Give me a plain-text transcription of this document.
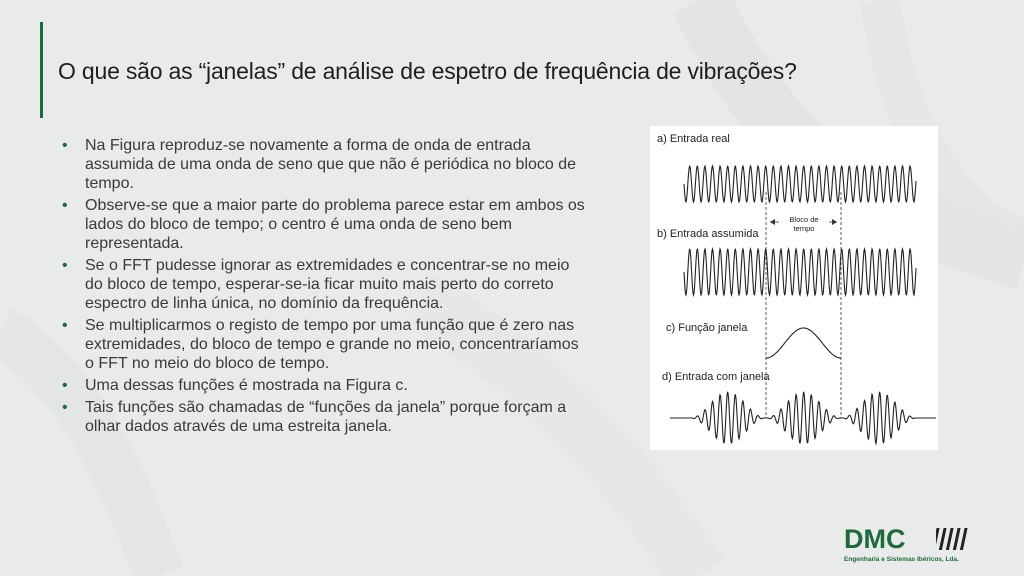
O que são as “janelas” de análise de espetro de frequência de vibrações?
• Na Figura reproduz-se novamente a forma de onda de entrada assumida de uma onda de seno que que não é periódica no bloco de tempo.
• Observe-se que a maior parte do problema parece estar em ambos os lados do bloco de tempo; o centro é uma onda de seno bem representada.
• Se o FFT pudesse ignorar as extremidades e concentrar-se no meio do bloco de tempo, esperar-se-ia ficar muito mais perto do correto espectro de linha única, no domínio da frequência.
• Se multiplicarmos o registo de tempo por uma função que é zero nas extremidades, do bloco de tempo e grande no meio, concentraríamos o FFT no meio do bloco de tempo.
• Uma dessas funções é mostrada na Figura c.
• Tais funções são chamadas de “funções da janela” porque forçam a olhar dados através de uma estreita janela.
a) Entrada real
Bloco de
tempo
b) Entrada assumida
c) Função janela
d) Entrada com janela
DMC
Engenharia e Sistemas Ibéricos, Lda.
